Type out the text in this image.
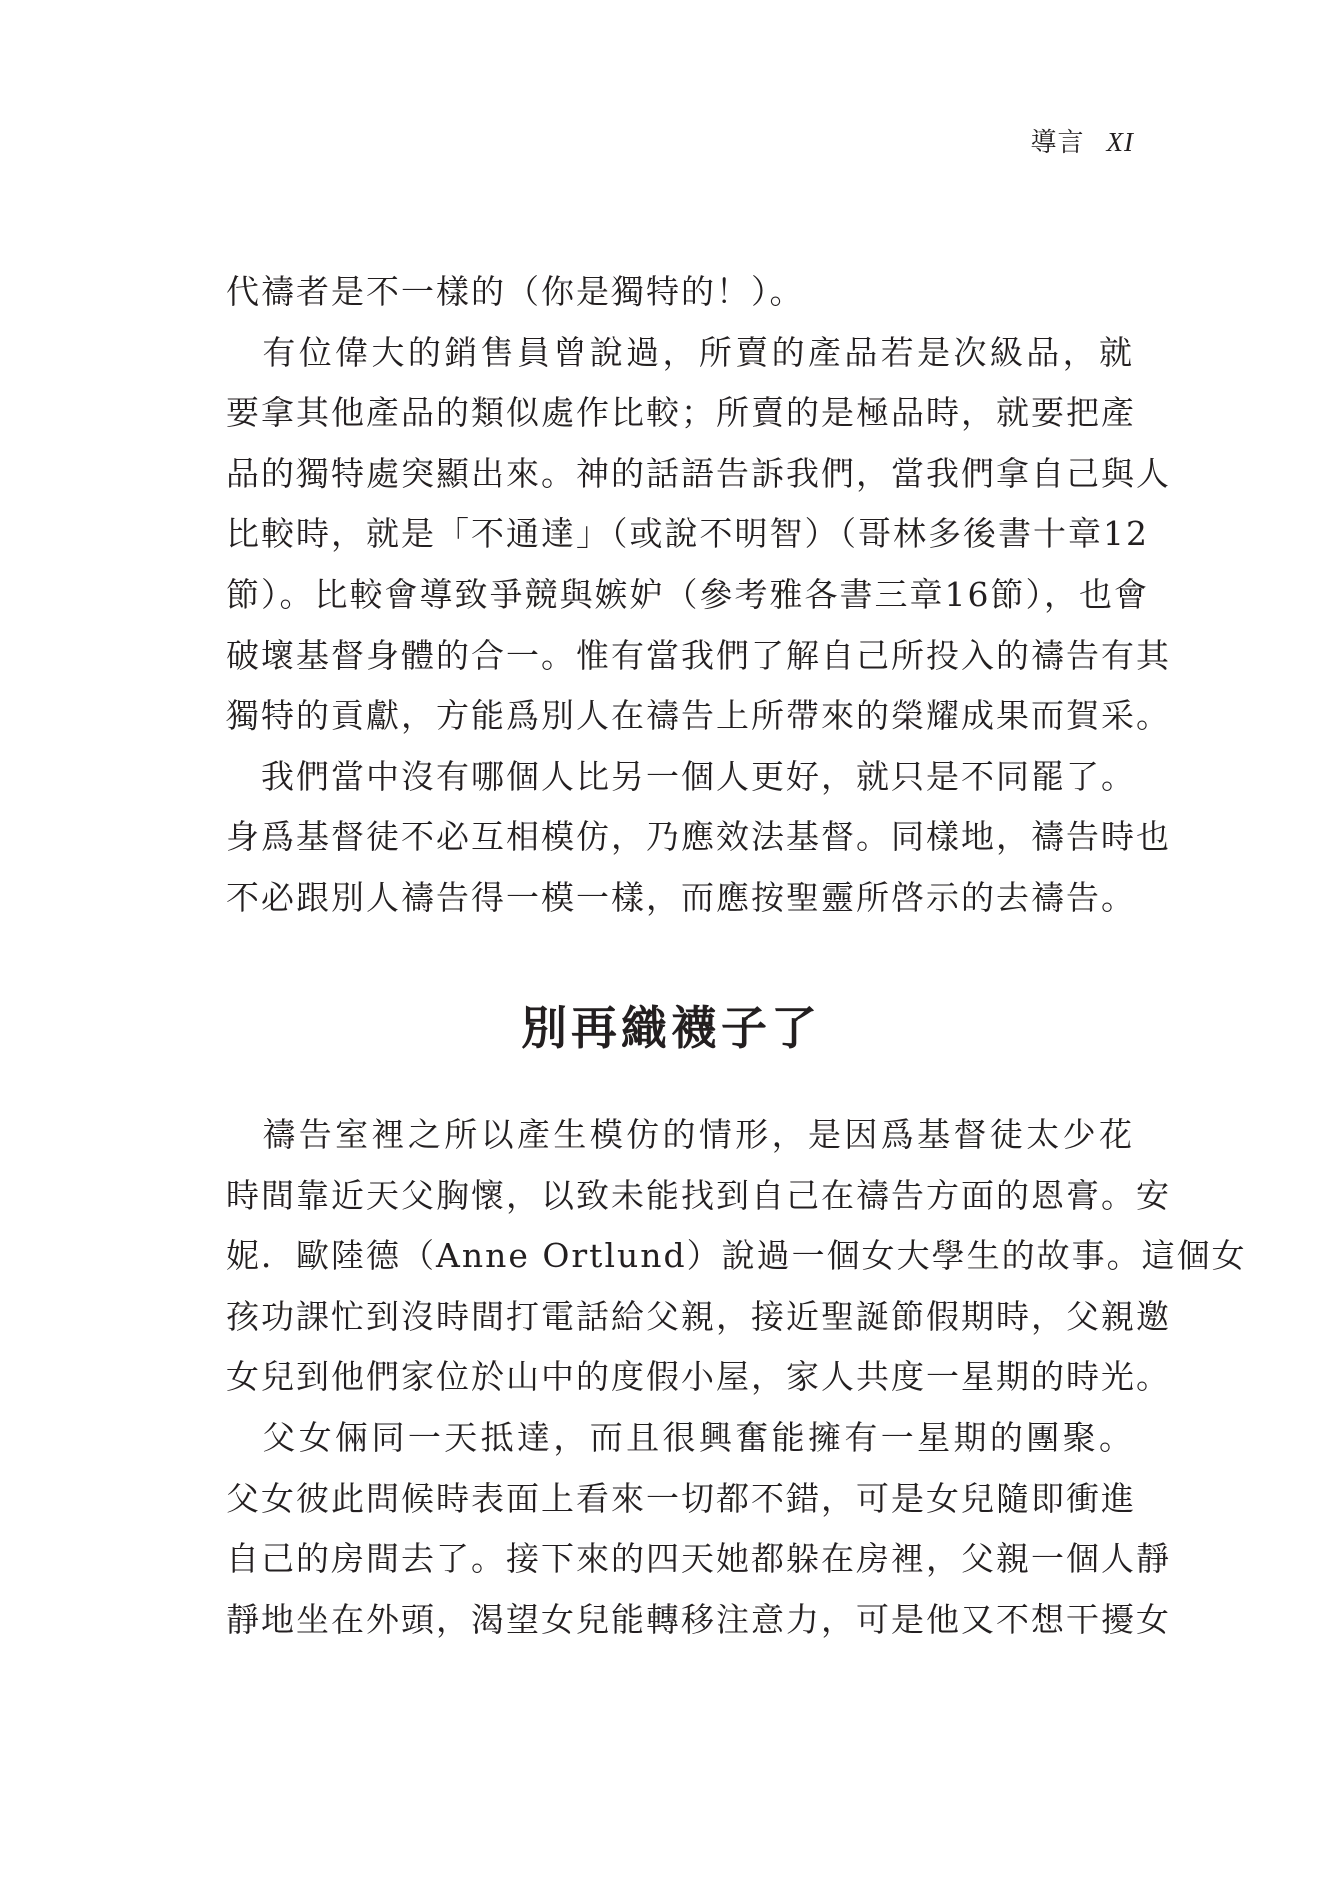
導言 XI
代禱者是不一樣的（你是獨特的！）。
　有位偉大的銷售員曾說過，所賣的產品若是次級品，就
要拿其他產品的類似處作比較；所賣的是極品時，就要把產
品的獨特處突顯出來。神的話語告訴我們，當我們拿自己與人
比較時，就是「不通達」（或說不明智）（哥林多後書十章12
節）。比較會導致爭競與嫉妒（參考雅各書三章16節），也會
破壞基督身體的合一。惟有當我們了解自己所投入的禱告有其
獨特的貢獻，方能爲別人在禱告上所帶來的榮耀成果而賀采。
　我們當中沒有哪個人比另一個人更好，就只是不同罷了。
身爲基督徒不必互相模仿，乃應效法基督。同樣地，禱告時也
不必跟別人禱告得一模一樣，而應按聖靈所啓示的去禱告。
別再織襪子了
　禱告室裡之所以產生模仿的情形，是因爲基督徒太少花
時間靠近天父胸懷，以致未能找到自己在禱告方面的恩膏。安
妮．歐陸德（Anne Ortlund）說過一個女大學生的故事。這個女
孩功課忙到沒時間打電話給父親，接近聖誕節假期時，父親邀
女兒到他們家位於山中的度假小屋，家人共度一星期的時光。
　父女倆同一天抵達，而且很興奮能擁有一星期的團聚。
父女彼此問候時表面上看來一切都不錯，可是女兒隨即衝進
自己的房間去了。接下來的四天她都躲在房裡，父親一個人靜
靜地坐在外頭，渴望女兒能轉移注意力，可是他又不想干擾女
